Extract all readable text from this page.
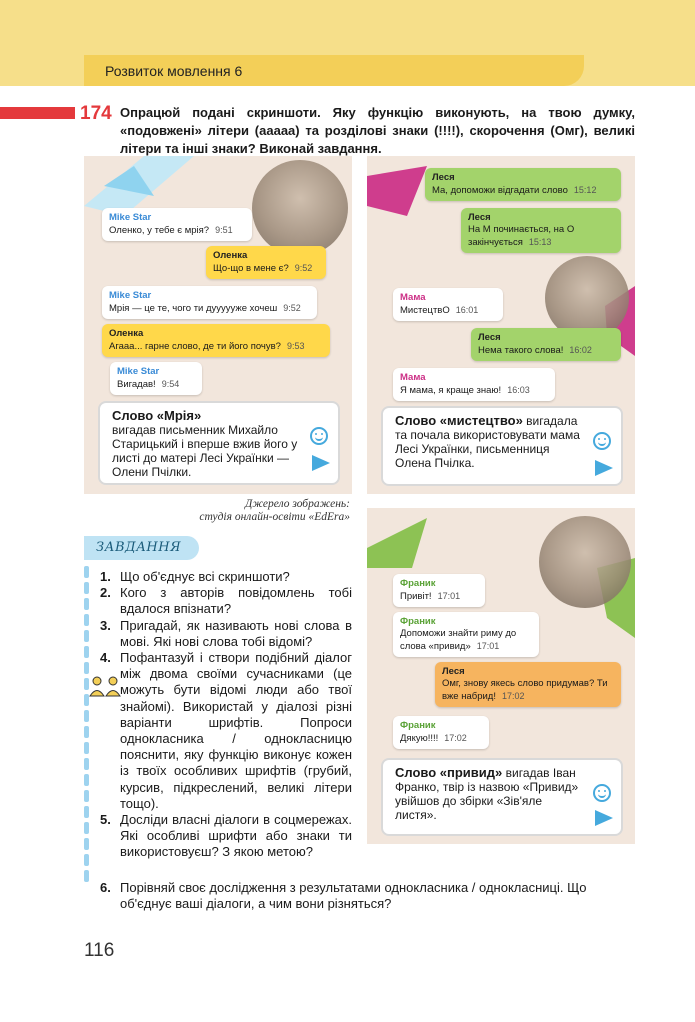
Розвиток мовлення 6
174 Опрацюй подані скриншоти. Яку функцію виконують, на твою думку, «подовжені» літери (ааааа) та розділові знаки (!!!!), скорочення (Омг), великі літери та інші знаки? Виконай завдання.
Mike Star
Оленко, у тебе є мрія? 9:51
Оленка
Що-що в мене є? 9:52
Mike Star
Мрія — це те, чого ти дуууууже хочеш 9:52
Оленка
Агааа... гарне слово, де ти його почув? 9:53
Mike Star
Вигадав! 9:54
Слово «Мрія»
вигадав письменник Михайло Старицький і вперше вжив його у листі до матері Лесі Українки — Олени Пчілки.
Леся
Ма, допоможи відгадати слово 15:12
Леся
На М починається, на О закінчується 15:13
Мама
МистецтвО 16:01
Леся
Нема такого слова! 16:02
Мама
Я мама, я краще знаю! 16:03
Слово «мистецтво» вигадала та почала використовувати мама Лесі Українки, письменниця Олена Пчілка.
Джерело зображень:
студія онлайн-освіти «EdEra»
Франик
Привіт! 17:01
Франик
Допоможи знайти риму до слова «привид» 17:01
Леся
Омг, знову якесь слово придумав? Ти вже набрид! 17:02
Франик
Дякую!!!! 17:02
Слово «привид» вигадав Іван Франко, твір із назвою «Привид» увійшов до збірки «Зів'яле листя».
ЗАВДАННЯ
1. Що об'єднує всі скриншоти?
2. Кого з авторів повідомлень тобі вдалося впізнати?
3. Пригадай, як називають нові слова в мові. Які нові слова тобі відомі?
4. Пофантазуй і створи подібний діалог між двома своїми сучасниками (це можуть бути відомі люди або твої знайомі). Використай у діалозі різні варіанти шрифтів. Попроси однокласника / однокласницю пояснити, яку функцію виконує кожен із твоїх особливих шрифтів (грубий, курсив, підкреслений, великі літери тощо).
5. Досліди власні діалоги в соцмережах. Які особливі шрифти або знаки ти використовуєш? З якою метою?
6. Порівняй своє дослідження з результатами однокласника / однокласниці. Що об'єднує ваші діалоги, а чим вони різняться?
116
